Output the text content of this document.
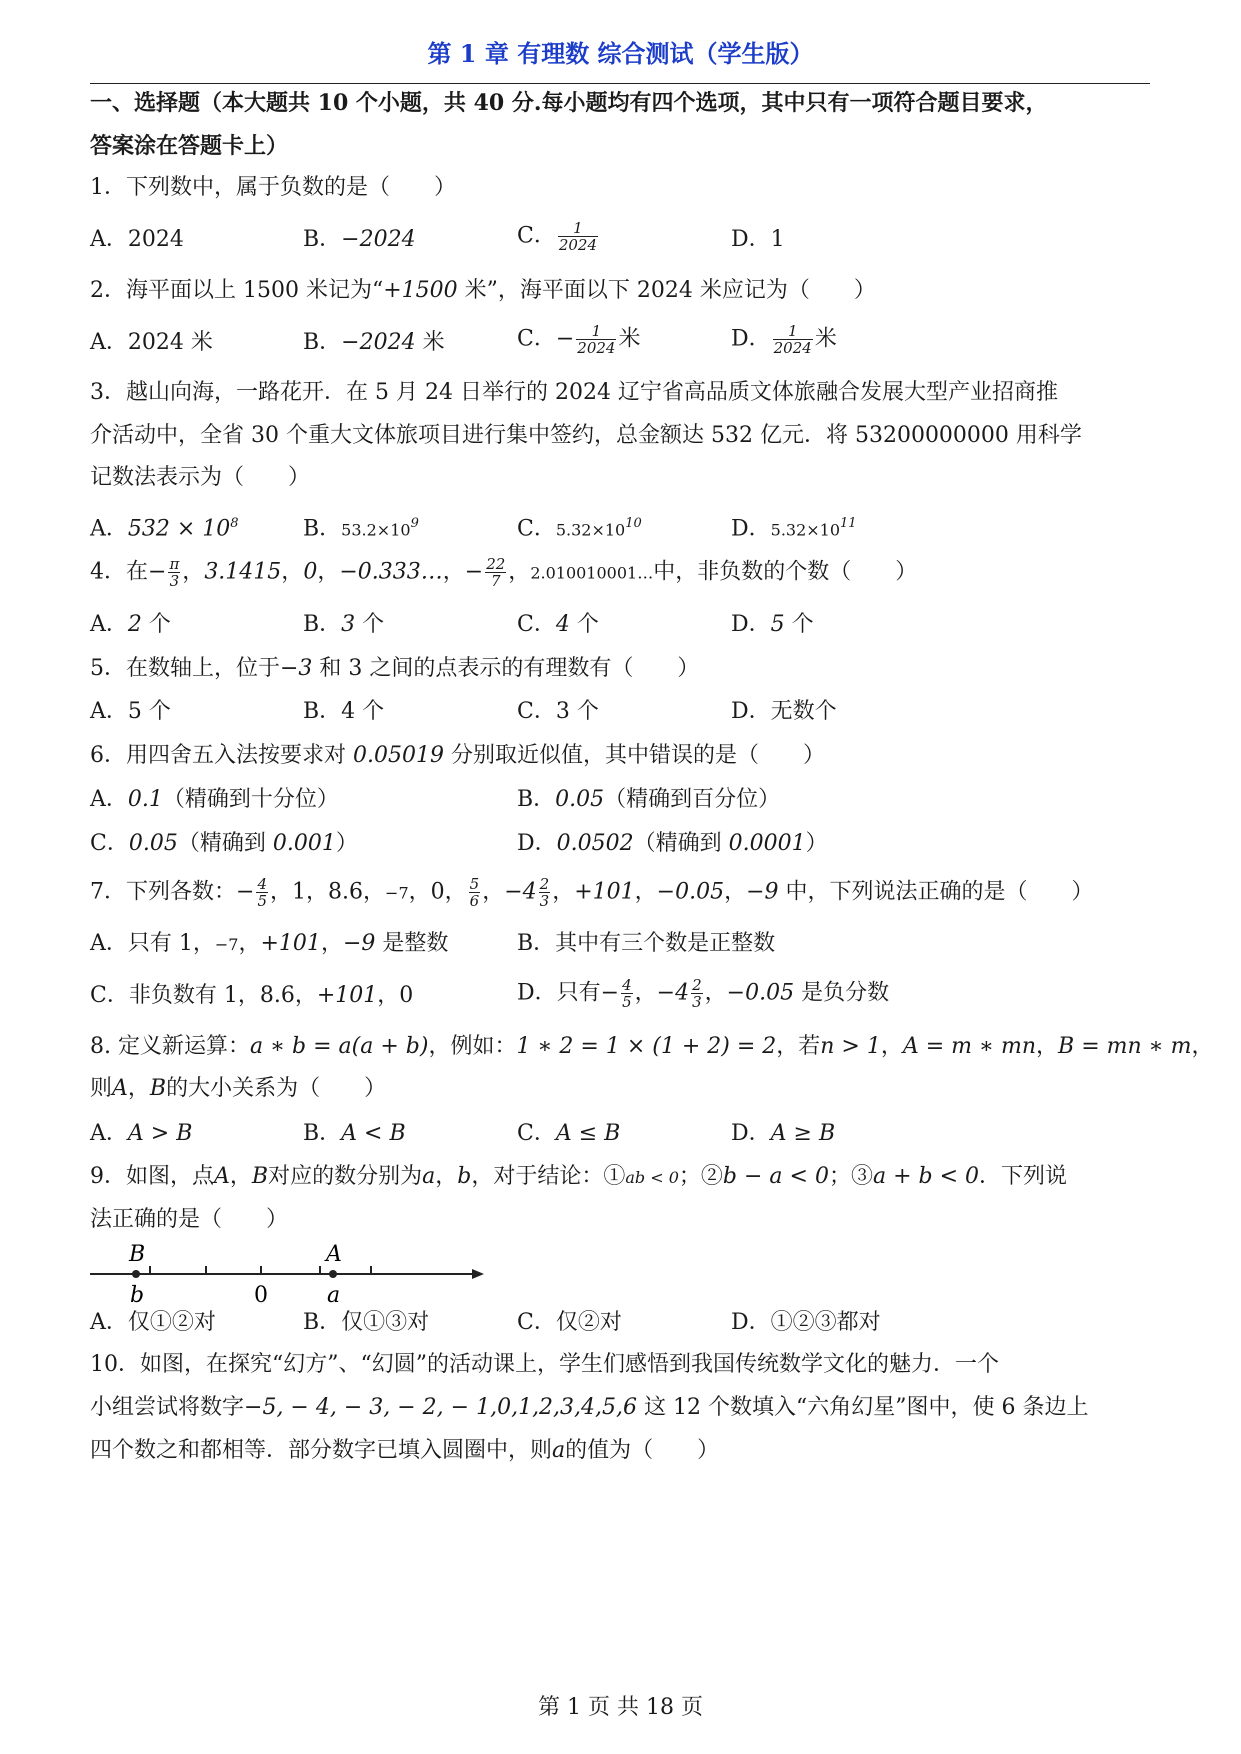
第 1 章 有理数 综合测试（学生版）
一、选择题（本大题共 10 个小题，共 40 分.每小题均有四个选项，其中只有一项符合题目要求，
答案涂在答题卡上）
1．下列数中，属于负数的是（　　）
A．2024	B．−2024	C． $\frac{1}{2024}$	D．1
2．海平面以上 1500 米记为“+1500 米”，海平面以下 2024 米应记为（　　）
A．2024 米	B．−2024 米	C．− $\frac{1}{2024}$ 米	D． $\frac{1}{2024}$ 米
3．越山向海，一路花开．在 5 月 24 日举行的 2024 辽宁省高品质文体旅融合发展大型产业招商推
介活动中，全省 30 个重大文体旅项目进行集中签约，总金额达 532 亿元．将 53200000000 用科学
记数法表示为（　　）
A．$532 \times 10^8$	B．$53.2\times 10^9$	C．$5.32\times 10^{10}$	D．$5.32\times 10^{11}$
4．在− $\frac{\pi}{3}$ ，3.1415，0，−0.333…，− $\frac{22}{7}$ ，2.010010001…中，非负数的个数（　　）
A．2 个	B．3 个	C．4 个	D．5 个
5．在数轴上，位于−3 和 3 之间的点表示的有理数有（　　）
A．5 个	B．4 个	C．3 个	D．无数个
6．用四舍五入法按要求对 0.05019 分别取近似值，其中错误的是（　　）
A．0.1（精确到十分位）	B．0.05（精确到百分位）
C．0.05（精确到 0.001）	D．0.0502（精确到 0.0001）
7．下列各数：− $\frac{4}{5}$ ，1，8.6，−7，0， $\frac{5}{6}$ ，$-4 \frac{2}{3}$ ，+101，−0.05，−9 中，下列说法正确的是（　　）
A．只有 1，−7，+101，−9 是整数	B．其中有三个数是正整数
C．非负数有 1，8.6，+101，0	D．只有− $\frac{4}{5}$ ，$-4 \frac{2}{3}$ ，−0.05 是负分数
8. 定义新运算：a ∗ b = a(a + b)，例如：1 ∗ 2 = 1 × (1 + 2) = 2，若n > 1，A = m ∗ mn，B = mn ∗ m，
则A，B的大小关系为（　　）
A．A > B	B．A < B	C．A ≤ B	D．A ≥ B
9．如图，点A，B对应的数分别为a，b，对于结论：①ab < 0；②b − a < 0；③a + b < 0．下列说
法正确的是（　　）
B	A
b	0	a
A．仅①②对	B．仅①③对	C．仅②对	D．①②③都对
10．如图，在探究“幻方”、“幻圆”的活动课上，学生们感悟到我国传统数学文化的魅力．一个
小组尝试将数字−5, − 4, − 3, − 2, − 1,0,1,2,3,4,5,6 这 12 个数填入“六角幻星”图中，使 6 条边上
四个数之和都相等．部分数字已填入圆圈中，则a的值为（　　）
第 1 页 共 18 页
